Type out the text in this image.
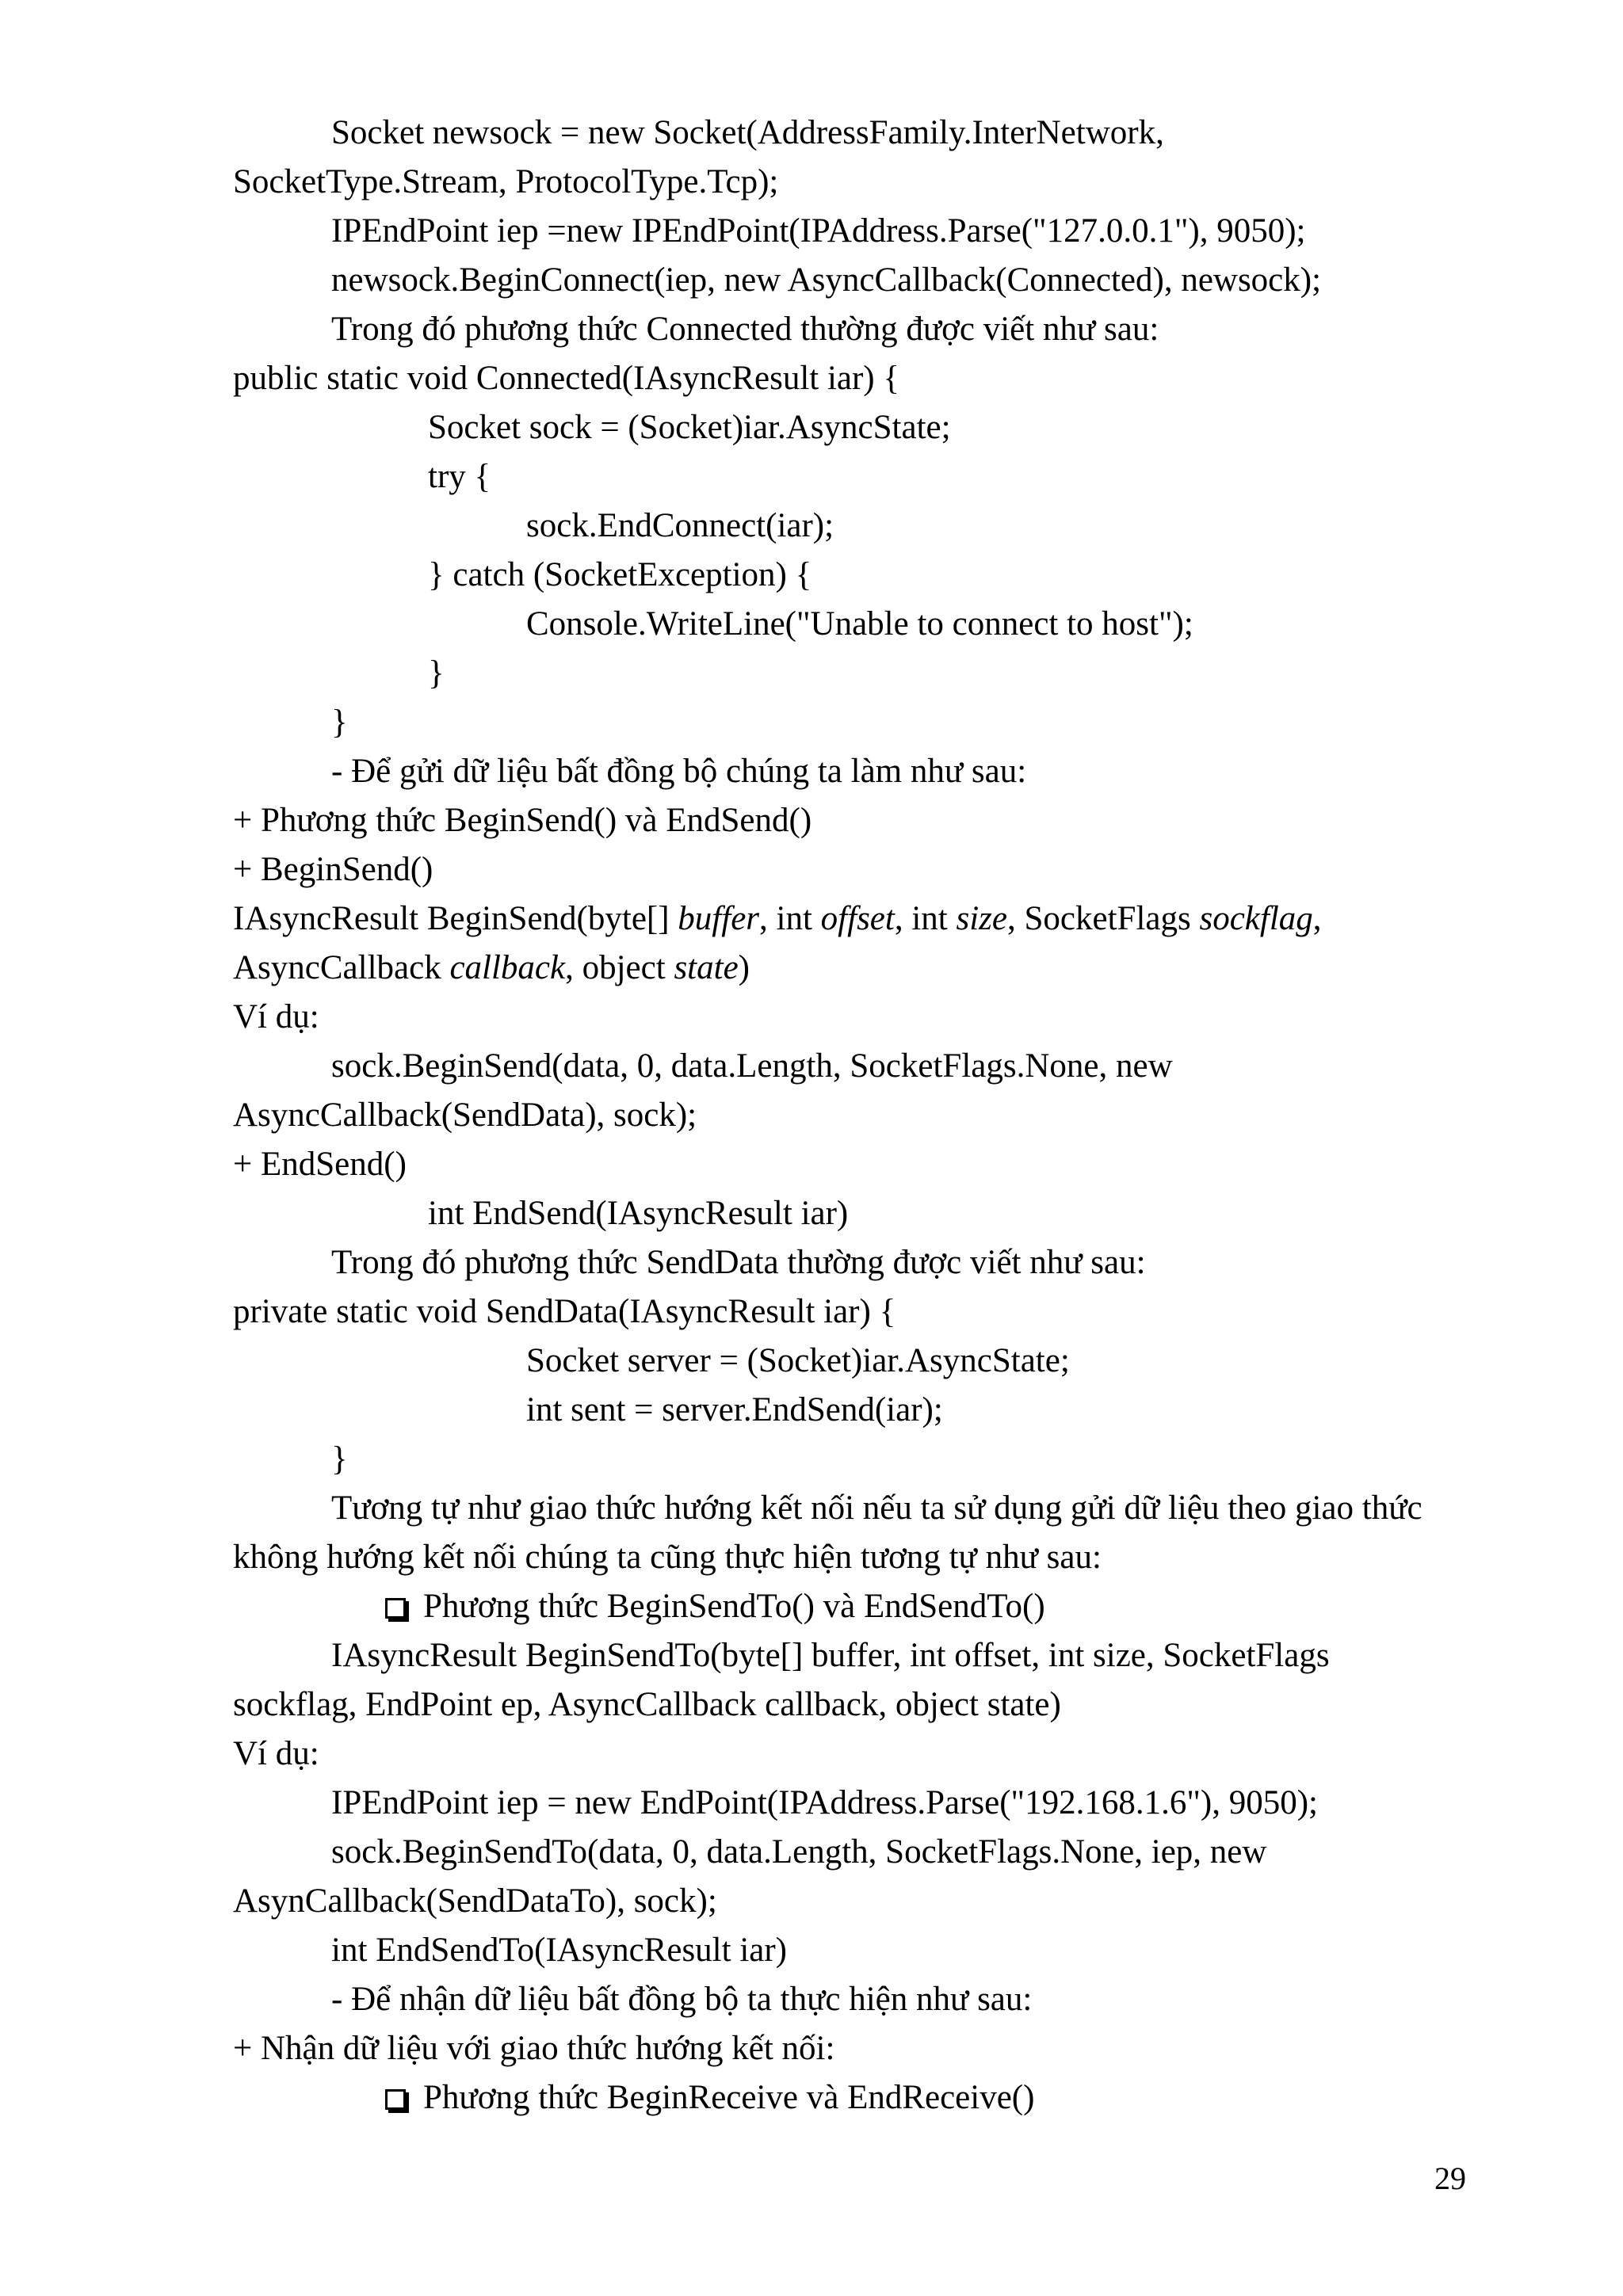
Socket newsock = new Socket(AddressFamily.InterNetwork,
SocketType.Stream, ProtocolType.Tcp);
IPEndPoint iep =new IPEndPoint(IPAddress.Parse("127.0.0.1"), 9050);
newsock.BeginConnect(iep, new AsyncCallback(Connected), newsock);
Trong đó phương thức Connected thường được viết như sau:
public static void Connected(IAsyncResult iar) {
Socket sock = (Socket)iar.AsyncState;
try {
sock.EndConnect(iar);
} catch (SocketException) {
Console.WriteLine("Unable to connect to host");
}
}
- Để gửi dữ liệu bất đồng bộ chúng ta làm như sau:
+ Phương thức BeginSend() và EndSend()
+ BeginSend()
IAsyncResult BeginSend(byte[] buffer, int offset, int size, SocketFlags sockflag,
AsyncCallback callback, object state)
Ví dụ:
sock.BeginSend(data, 0, data.Length, SocketFlags.None, new
AsyncCallback(SendData), sock);
+ EndSend()
int EndSend(IAsyncResult iar)
Trong đó phương thức SendData thường được viết như sau:
private static void SendData(IAsyncResult iar) {
Socket server = (Socket)iar.AsyncState;
int sent = server.EndSend(iar);
}
Tương tự như giao thức hướng kết nối nếu ta sử dụng gửi dữ liệu theo giao thức
không hướng kết nối chúng ta cũng thực hiện tương tự như sau:
Phương thức BeginSendTo() và EndSendTo()
IAsyncResult BeginSendTo(byte[] buffer, int offset, int size, SocketFlags
sockflag, EndPoint ep, AsyncCallback callback, object state)
Ví dụ:
IPEndPoint iep = new EndPoint(IPAddress.Parse("192.168.1.6"), 9050);
sock.BeginSendTo(data, 0, data.Length, SocketFlags.None, iep, new
AsynCallback(SendDataTo), sock);
int EndSendTo(IAsyncResult iar)
- Để nhận dữ liệu bất đồng bộ ta thực hiện như sau:
+ Nhận dữ liệu với giao thức hướng kết nối:
Phương thức BeginReceive và EndReceive()
29
